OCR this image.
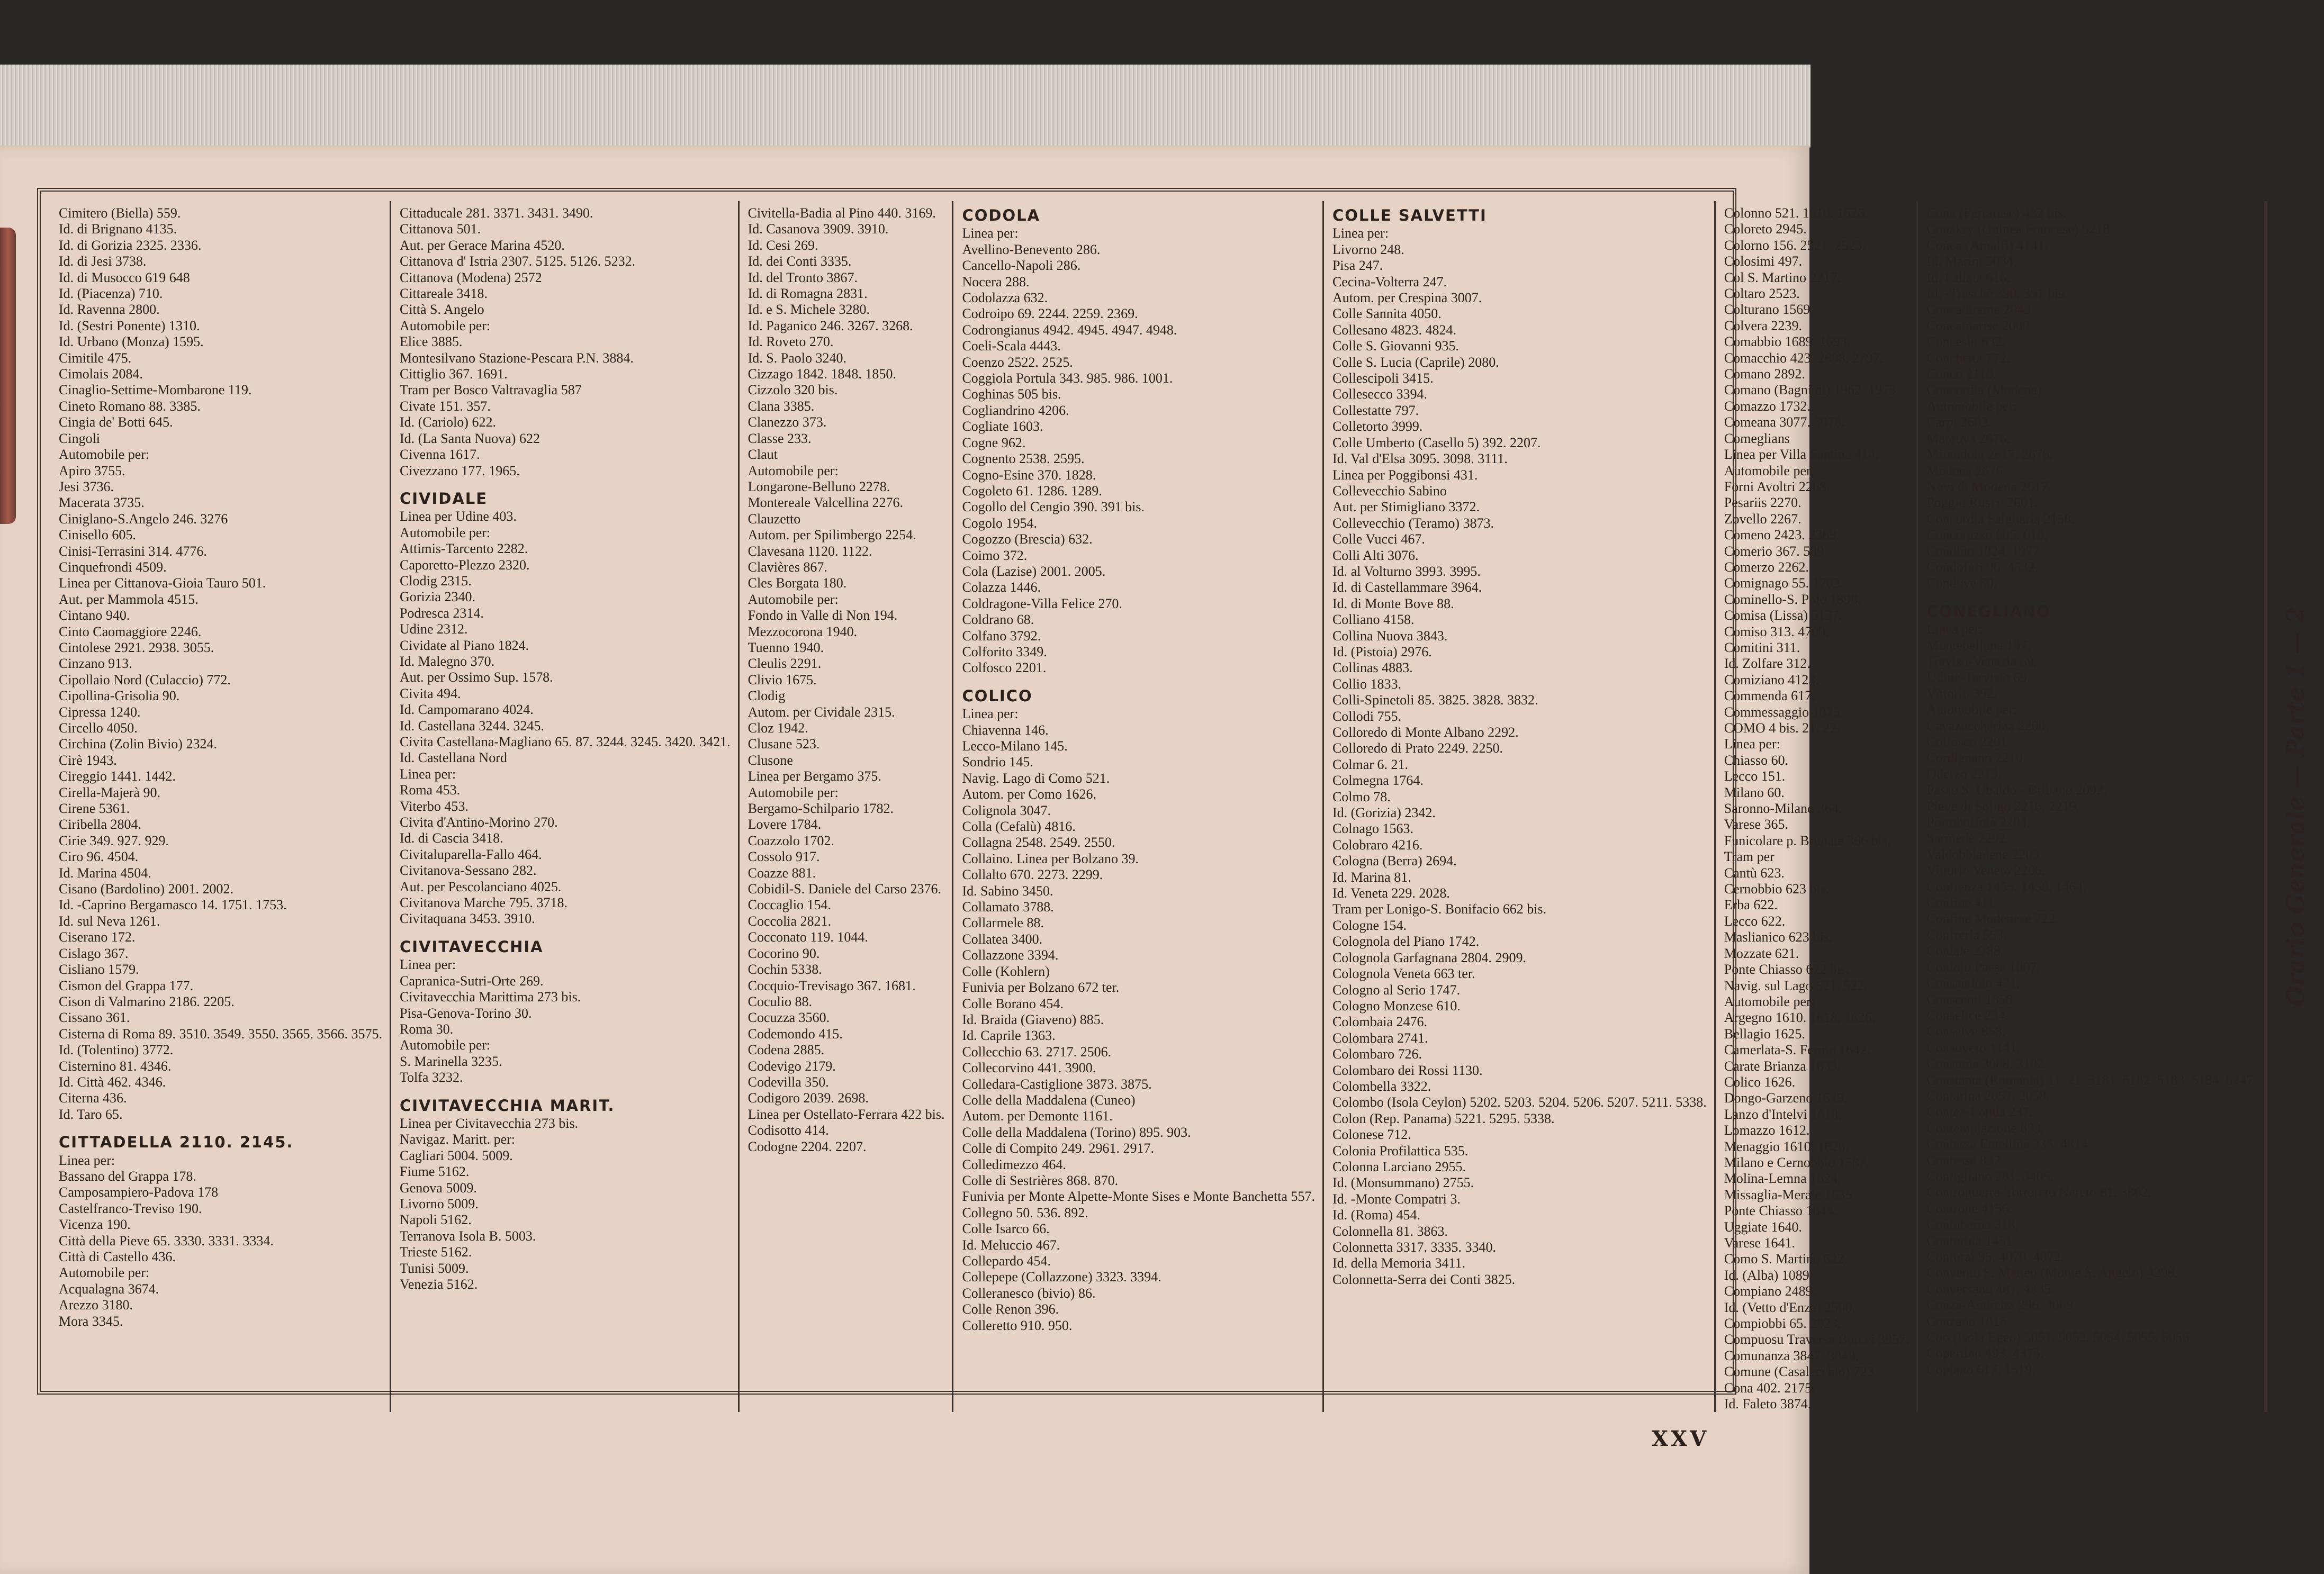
Cimitero (Biella) 559.
Id. di Brignano 4135.
Id. di Gorizia 2325. 2336.
Id. di Jesi 3738.
Id. di Musocco 619 648
Id. (Piacenza) 710.
Id. Ravenna 2800.
Id. (Sestri Ponente) 1310.
Id. Urbano (Monza) 1595.
Cimitile 475.
Cimolais 2084.
Cinaglio-Settime-Mombarone 119.
Cineto Romano 88. 3385.
Cingia de' Botti 645.
Cingoli
Automobile per:
Apiro 3755.
Jesi 3736.
Macerata 3735.
Ciniglano-S.Angelo 246. 3276
Cinisello 605.
Cinisi-Terrasini 314. 4776.
Cinquefrondi 4509.
Linea per Cittanova-Gioia Tauro 501.
Aut. per Mammola 4515.
Cintano 940.
Cinto Caomaggiore 2246.
Cintolese 2921. 2938. 3055.
Cinzano 913.
Cipollaio Nord (Culaccio) 772.
Cipollina-Grisolia 90.
Cipressa 1240.
Circello 4050.
Circhina (Zolin Bivio) 2324.
Cirè 1943.
Cireggio 1441. 1442.
Cirella-Majerà 90.
Cirene 5361.
Ciribella 2804.
Cirie 349. 927. 929.
Ciro 96. 4504.
Id. Marina 4504.
Cisano (Bardolino) 2001. 2002.
Id. -Caprino Bergamasco 14. 1751. 1753.
Id. sul Neva 1261.
Ciserano 172.
Cislago 367.
Cisliano 1579.
Cismon del Grappa 177.
Cison di Valmarino 2186. 2205.
Cissano 361.
Cisterna di Roma 89. 3510. 3549. 3550. 3565. 3566. 3575.
Id. (Tolentino) 3772.
Cisternino 81. 4346.
Id. Città 462. 4346.
Citerna 436.
Id. Taro 65.
CITTADELLA 2110. 2145.
Linea per:
Bassano del Grappa 178.
Camposampiero-Padova 178
Castelfranco-Treviso 190.
Vicenza 190.
Città della Pieve 65. 3330. 3331. 3334.
Città di Castello 436.
Automobile per:
Acqualagna 3674.
Arezzo 3180.
Mora 3345.
Cittaducale 281. 3371. 3431. 3490.
Cittanova 501.
Aut. per Gerace Marina 4520.
Cittanova d' Istria 2307. 5125. 5126. 5232.
Cittanova (Modena) 2572
Cittareale 3418.
Città S. Angelo
Automobile per:
Elice 3885.
Montesilvano Stazione-Pescara P.N. 3884.
Cittiglio 367. 1691.
Tram per Bosco Valtravaglia 587
Civate 151. 357.
Id. (Cariolo) 622.
Id. (La Santa Nuova) 622
Civenna 1617.
Civezzano 177. 1965.
CIVIDALE
Linea per Udine 403.
Automobile per:
Attimis-Tarcento 2282.
Caporetto-Plezzo 2320.
Clodig 2315.
Gorizia 2340.
Podresca 2314.
Udine 2312.
Cividate al Piano 1824.
Id. Malegno 370.
Aut. per Ossimo Sup. 1578.
Civita 494.
Id. Campomarano 4024.
Id. Castellana 3244. 3245.
Civita Castellana-Magliano 65. 87. 3244. 3245. 3420. 3421.
Id. Castellana Nord
Linea per:
Roma 453.
Viterbo 453.
Civita d'Antino-Morino 270.
Id. di Cascia 3418.
Civitaluparella-Fallo 464.
Civitanova-Sessano 282.
Aut. per Pescolanciano 4025.
Civitanova Marche 795. 3718.
Civitaquana 3453. 3910.
CIVITAVECCHIA
Linea per:
Capranica-Sutri-Orte 269.
Civitavecchia Marittima 273 bis.
Pisa-Genova-Torino 30.
Roma 30.
Automobile per:
S. Marinella 3235.
Tolfa 3232.
CIVITAVECCHIA MARIT.
Linea per Civitavecchia 273 bis.
Navigaz. Maritt. per:
Cagliari 5004. 5009.
Fiume 5162.
Genova 5009.
Livorno 5009.
Napoli 5162.
Terranova Isola B. 5003.
Trieste 5162.
Tunisi 5009.
Venezia 5162.
Civitella-Badia al Pino 440. 3169.
Id. Casanova 3909. 3910.
Id. Cesi 269.
Id. dei Conti 3335.
Id. del Tronto 3867.
Id. di Romagna 2831.
Id. e S. Michele 3280.
Id. Paganico 246. 3267. 3268.
Id. Roveto 270.
Id. S. Paolo 3240.
Cizzago 1842. 1848. 1850.
Cizzolo 320 bis.
Clana 3385.
Clanezzo 373.
Classe 233.
Claut
Automobile per:
Longarone-Belluno 2278.
Montereale Valcellina 2276.
Clauzetto
Autom. per Spilimbergo 2254.
Clavesana 1120. 1122.
Clavières 867.
Cles Borgata 180.
Automobile per:
Fondo in Valle di Non 194.
Mezzocorona 1940.
Tuenno 1940.
Cleulis 2291.
Clivio 1675.
Clodig
Autom. per Cividale 2315.
Cloz 1942.
Clusane 523.
Clusone
Linea per Bergamo 375.
Automobile per:
Bergamo-Schilpario 1782.
Lovere 1784.
Coazzolo 1702.
Cossolo 917.
Coazze 881.
Cobidil-S. Daniele del Carso 2376.
Coccaglio 154.
Coccolia 2821.
Cocconato 119. 1044.
Cocorino 90.
Cochin 5338.
Cocquio-Trevisago 367. 1681.
Coculio 88.
Cocuzza 3560.
Codemondo 415.
Codena 2885.
Codevigo 2179.
Codevilla 350.
Codigoro 2039. 2698.
Linea per Ostellato-Ferrara 422 bis.
Codisotto 414.
Codogne 2204. 2207.
CODOLA
Linea per:
Avellino-Benevento 286.
Cancello-Napoli 286.
Nocera 288.
Codolazza 632.
Codroipo 69. 2244. 2259. 2369.
Codrongianus 4942. 4945. 4947. 4948.
Coeli-Scala 4443.
Coenzo 2522. 2525.
Coggiola Portula 343. 985. 986. 1001.
Coghinas 505 bis.
Cogliandrino 4206.
Cogliate 1603.
Cogne 962.
Cognento 2538. 2595.
Cogno-Esine 370. 1828.
Cogoleto 61. 1286. 1289.
Cogollo del Cengio 390. 391 bis.
Cogolo 1954.
Cogozzo (Brescia) 632.
Coimo 372.
Cola (Lazise) 2001. 2005.
Colazza 1446.
Coldragone-Villa Felice 270.
Coldrano 68.
Colfano 3792.
Colforito 3349.
Colfosco 2201.
COLICO
Linea per:
Chiavenna 146.
Lecco-Milano 145.
Sondrio 145.
Navig. Lago di Como 521.
Autom. per Como 1626.
Colignola 3047.
Colla (Cefalù) 4816.
Collagna 2548. 2549. 2550.
Collaino. Linea per Bolzano 39.
Collalto 670. 2273. 2299.
Id. Sabino 3450.
Collamato 3788.
Collarmele 88.
Collatea 3400.
Collazzone 3394.
Colle (Kohlern)
Funivia per Bolzano 672 ter.
Colle Borano 454.
Id. Braida (Giaveno) 885.
Id. Caprile 1363.
Collecchio 63. 2717. 2506.
Collecorvino 441. 3900.
Colledara-Castiglione 3873. 3875.
Colle della Maddalena (Cuneo)
Autom. per Demonte 1161.
Colle della Maddalena (Torino) 895. 903.
Colle di Compito 249. 2961. 2917.
Colledimezzo 464.
Colle di Sestrières 868. 870.
Funivia per Monte Alpette-Monte Sises e Monte Banchetta 557.
Collegno 50. 536. 892.
Colle Isarco 66.
Id. Meluccio 467.
Collepardo 454.
Collepepe (Collazzone) 3323. 3394.
Colleranesco (bivio) 86.
Colle Renon 396.
Colleretto 910. 950.
COLLE SALVETTI
Linea per:
Livorno 248.
Pisa 247.
Cecina-Volterra 247.
Autom. per Crespina 3007.
Colle Sannita 4050.
Collesano 4823. 4824.
Colle S. Giovanni 935.
Colle S. Lucia (Caprile) 2080.
Collescipoli 3415.
Collesecco 3394.
Collestatte 797.
Colletorto 3999.
Colle Umberto (Casello 5) 392. 2207.
Id. Val d'Elsa 3095. 3098. 3111.
Linea per Poggibonsi 431.
Collevecchio Sabino
Aut. per Stimigliano 3372.
Collevecchio (Teramo) 3873.
Colle Vucci 467.
Colli Alti 3076.
Id. al Volturno 3993. 3995.
Id. di Castellammare 3964.
Id. di Monte Bove 88.
Colliano 4158.
Collina Nuova 3843.
Id. (Pistoia) 2976.
Collinas 4883.
Collio 1833.
Colli-Spinetoli 85. 3825. 3828. 3832.
Collodi 755.
Colloredo di Monte Albano 2292.
Colloredo di Prato 2249. 2250.
Colmar 6. 21.
Colmegna 1764.
Colmo 78.
Id. (Gorizia) 2342.
Colnago 1563.
Colobraro 4216.
Cologna (Berra) 2694.
Id. Marina 81.
Id. Veneta 229. 2028.
Tram per Lonigo-S. Bonifacio 662 bis.
Cologne 154.
Colognola del Piano 1742.
Colognola Garfagnana 2804. 2909.
Colognola Veneta 663 ter.
Cologno al Serio 1747.
Cologno Monzese 610.
Colombaia 2476.
Colombara 2741.
Colombaro 726.
Colombaro dei Rossi 1130.
Colombella 3322.
Colombo (Isola Ceylon) 5202. 5203. 5204. 5206. 5207. 5211. 5338.
Colon (Rep. Panama) 5221. 5295. 5338.
Colonese 712.
Colonia Profilattica 535.
Colonna Larciano 2955.
Id. (Monsummano) 2755.
Id. -Monte Compatri 3.
Id. (Roma) 454.
Colonnella 81. 3863.
Colonnetta 3317. 3335. 3340.
Id. della Memoria 3411.
Colonnetta-Serra dei Conti 3825.
Colonno 521. 1610. 1626.
Coloreto 2945.
Colorno 156. 2521. 2523.
Colosimi 497.
Col S. Martino 2217.
Coltaro 2523.
Colturano 1569.
Colvera 2239.
Comabbio 1689. 1693.
Comacchio 423. 2698. 2797.
Comano 2892.
Comano (Bagni di) 1962. 1975.
Comazzo 1732.
Comeana 3077. 3078.
Comeglians
Linea per Villa Santina 414.
Automobile per:
Forni Avoltri 2268.
Pesariis 2270.
Zovello 2267.
Comeno 2423. 2369.
Comerio 367. 589.
Comerzo 2262.
Comignago 55. 1703.
Cominello-S. Polo 1898.
Comisa (Lissa) 5137.
Comiso 313. 4709.
Comitini 311.
Id. Zolfare 312.
Comiziano 4123.
Commenda 617.
Commessaggio 1875.
COMO 4 bis. 21. 22.
Linea per:
Chiasso 60.
Lecco 151.
Milano 60.
Saronno-Milano 364.
Varese 365.
Funicolare p. Brunate 366 bis.
Tram per
Cantù 623.
Cernobbio 623 bis.
Erba 622.
Lecco 622.
Maslianico 623 bis.
Mozzate 621.
Ponte Chiasso 622 bis.
Navig. sul Lago 521. 522.
Automobile per:
Argegno 1610. 1618. 1626.
Bellagio 1625.
Camerlata-S. Fermo 1642.
Carate Brianza 1633.
Colico 1626.
Dongo-Garzeno 1629.
Lanzo d'Intelvi 1618.
Lomazzo 1612.
Menaggio 1610. 1626.
Milano e Cernobbio 1587.
Molina-Lemna 1624.
Missaglia-Merate 1635.
Ponte Chiasso 1644.
Uggiate 1640.
Varese 1641.
Como S. Martino 622.
Id. (Alba) 1089.
Compiano 2489.
Id. (Vetto d'Enza) 2560.
Compiobbi 65. 2923.
Compuosu Traversa Burcei 3957.
Comunanza 3847. 3849.
Comune (Casalecchio) 723.
Cona 402. 2175.
Id. Faleto 3874.
Cona (Ferrarese) 432 bis.
Conakry (Guinea Francese) 5218.
Conca (Amalfi) 4141.
Id. Marini 5034.
Id. Fallata 616.
Id. -Treschè 390. 391 bis.
Concadirame 2043.
Concamarise 2000
Concesio 632.
Conchetta 772.
Conco 2110.
Concordia (Modena)
Automobile per:
Carpi 2603.
Mantova 2676.
Mirandola 2617. 2676.
Modena 2676.
Novi di Modena 2617.
Poggio Rusco 2601.
Concordia Salgitaria 2158.
Concorezzo 605. 610.
Condino 1824. 1977.
Condofuri 96. 4532.
Condove 50.
CONEGLIANO
Linea per:
Montebelluna 197.
Treviso-Venezia 69.
Udine-Tarvisio 69.
Vittorio 392.
Automobile per:
Cavazucchérina 2200.
Colfosco 2201.
Cordignano 2210.
Oderzo 2213.
Passo S. Ubaldo - Bribano 2092.
Pieve di Soligo 2216. 2219.
Portobuffolè 2204.
Sarmede 2292.
Valdobbiadene 2205.
Vittorio Veneto 2206.
Confienza 1455. 1458. 1464.
Confine 411.
Confine Modenese 722.
Confreria 553.
Coniale 2788.
Coniolo Paese 1007.
Consandolo 421.
Conscenti 1358
Conselice 234.
Conselve 658.
Consovero 1141.
Consuma 3088. 3102.
Constanta (Romania) 11. 21. 5181. 5182. 5183. 5184. 5247.
Contarina 2057. 2058.
Contea-Londa 237.
Contemplazione 833.
Contessa Entellina 335. 4814
Contesse 837.
Contigliano 281. 3405.
Controguerra-Tortoreto Nereto 81. 3862.
Controne 4156.
Contuberna 318.
Conturbia 1451.
Conturai 95. 4070. 4072.
Convento S. Matteo (Monte S. Angelo) 4298.
Conversano 487. 4335.
Conza-Andretta 296. 4069.
Conzano 1016.
Coo (Isola Egeo) 5051. 5052. 5054. 5055. 5056.
Copertino 493. 4375.
Copiano 617. 1519.
Orario Generale — Parte 1 — 2
XXV
